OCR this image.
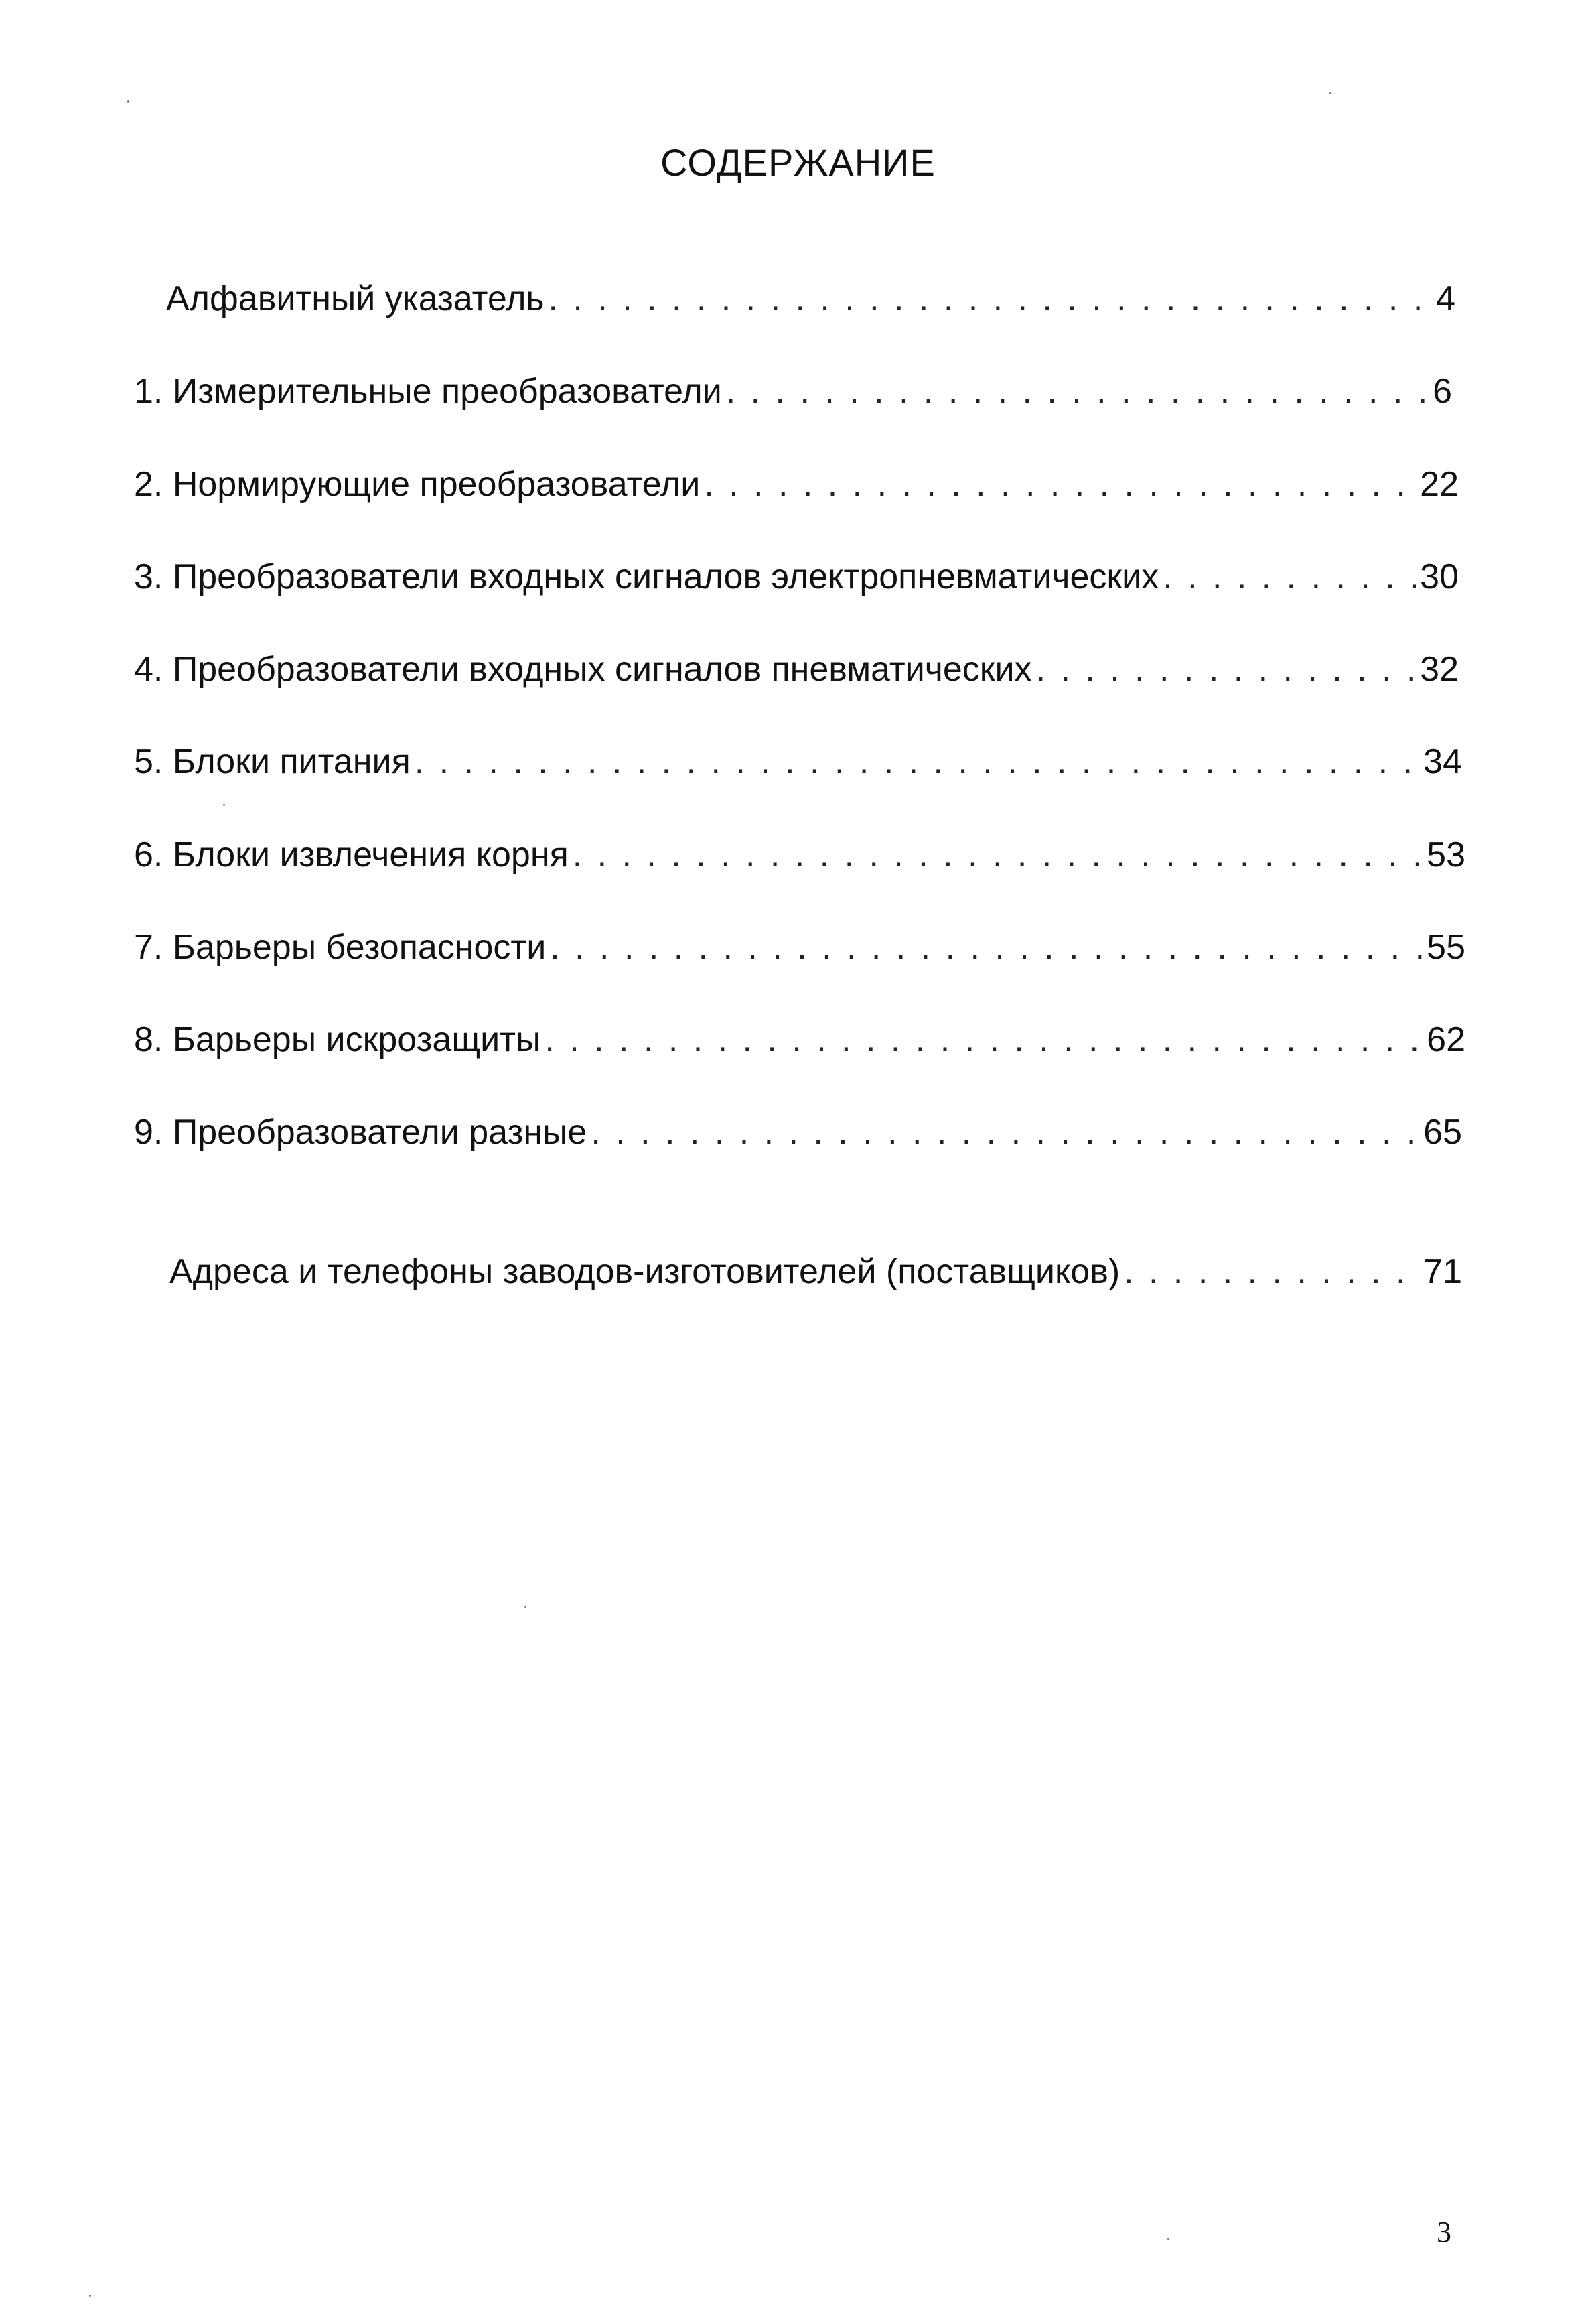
СОДЕРЖАНИЕ
Алфавитный указатель . . .	4
1. Измерительные преобразователи . . .	6
2. Нормирующие преобразователи . . .	22
3. Преобразователи входных сигналов электропневматических . . .	30
4. Преобразователи входных сигналов пневматических . . .	32
5. Блоки питания . . .	34
6. Блоки извлечения корня . . .	53
7. Барьеры безопасности . . .	55
8. Барьеры искрозащиты . . .	62
9. Преобразователи разные . . .	65
Адреса и телефоны заводов-изготовителей (поставщиков) . . .	71
3
